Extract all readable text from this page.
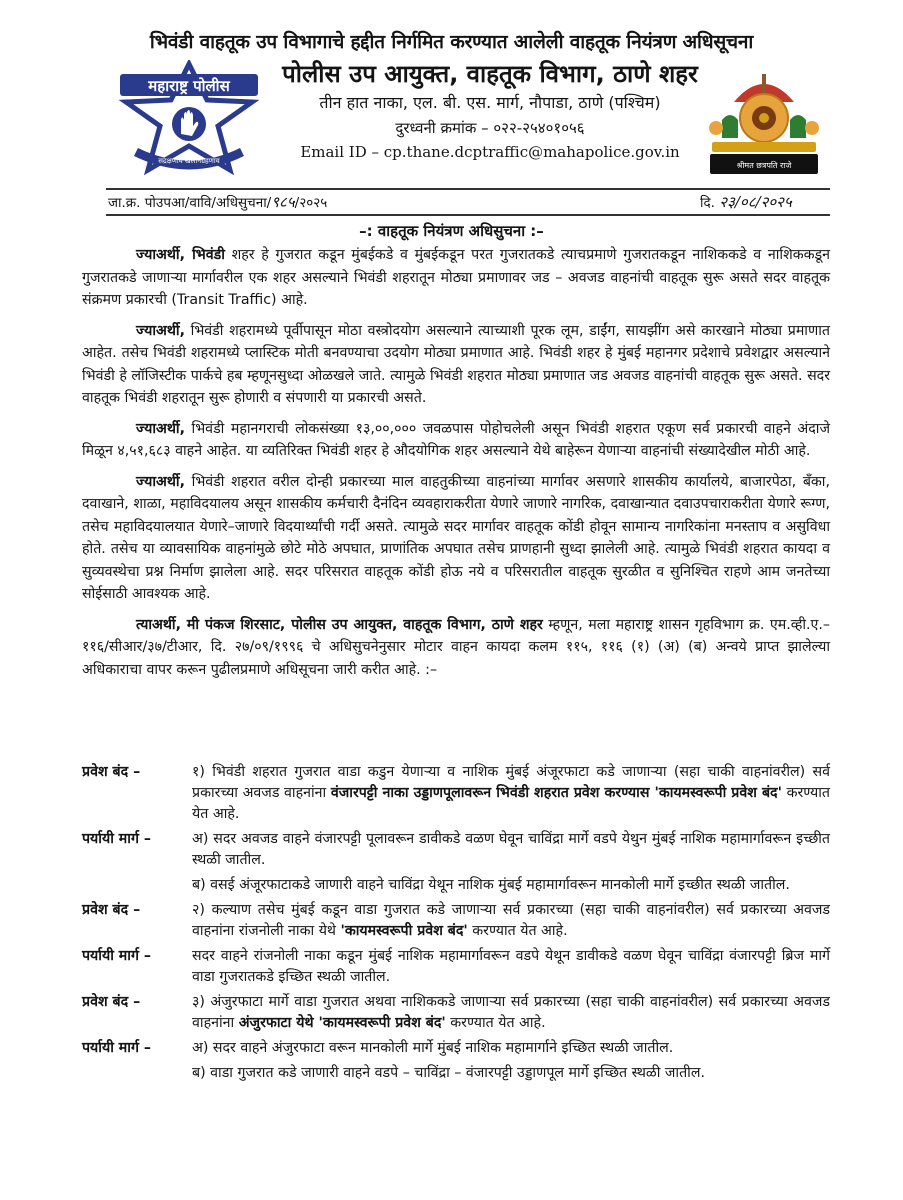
भिवंडी वाहतूक उप विभागाचे हद्दीत निर्गमित करण्यात आलेली वाहतूक नियंत्रण अधिसूचना
महाराष्ट्र पोलीस
सद्रक्षणाय खलनिग्रहणाय
पोलीस उप आयुक्त, वाहतूक विभाग, ठाणे शहर
तीन हात नाका, एल. बी. एस. मार्ग, नौपाडा, ठाणे (पश्चिम)
दुरध्वनी क्रमांक – ०२२-२५४०१०५६
Email ID – cp.thane.dcptraffic@mahapolice.gov.in
श्रीमत छत्रपति राजे
जा.क्र. पोउपआ/वावि/अधिसुचना/९८५/२०२५	दि. २३/०८/२०२५
–: वाहतूक नियंत्रण अधिसुचना :–

ज्याअर्थी, भिवंडी शहर हे गुजरात कडून मुंबईकडे व मुंबईकडून परत गुजरातकडे त्याचप्रमाणे गुजरातकडून नाशिककडे व नाशिककडून गुजरातकडे जाणाऱ्या मार्गावरील एक शहर असल्याने भिवंडी शहरातून मोठ्या प्रमाणावर जड – अवजड वाहनांची वाहतूक सुरू असते सदर वाहतूक संक्रमण प्रकारची (Transit Traffic) आहे.

ज्याअर्थी, भिवंडी शहरामध्ये पूर्वीपासून मोठा वस्त्रोदयोग असल्याने त्याच्याशी पूरक लूम, डाईंग, सायझींग असे कारखाने मोठ्या प्रमाणात आहेत. तसेच भिवंडी शहरामध्ये प्लास्टिक मोती बनवण्याचा उदयोग मोठ्या प्रमाणात आहे. भिवंडी शहर हे मुंबई महानगर प्रदेशाचे प्रवेशद्वार असल्याने भिवंडी हे लॉजिस्टीक पार्कचे हब म्हणूनसुध्दा ओळखले जाते. त्यामुळे भिवंडी शहरात मोठ्या प्रमाणात जड अवजड वाहनांची वाहतूक सुरू असते. सदर वाहतूक भिवंडी शहरातून सुरू होणारी व संपणारी या प्रकारची असते.

ज्याअर्थी, भिवंडी महानगराची लोकसंख्या १३,००,००० जवळपास पोहोचलेली असून भिवंडी शहरात एकूण सर्व प्रकारची वाहने अंदाजे मिळून ४,५१,६८३ वाहने आहेत. या व्यतिरिक्त भिवंडी शहर हे औदयोगिक शहर असल्याने येथे बाहेरून येणाऱ्या वाहनांची संख्यादेखील मोठी आहे.

ज्याअर्थी, भिवंडी शहरात वरील दोन्ही प्रकारच्या माल वाहतुकीच्या वाहनांच्या मार्गावर असणारे शासकीय कार्यालये, बाजारपेठा, बँका, दवाखाने, शाळा, महाविदयालय असून शासकीय कर्मचारी दैनंदिन व्यवहाराकरीता येणारे जाणारे नागरिक, दवाखान्यात दवाउपचाराकरीता येणारे रूग्ण, तसेच महाविदयालयात येणारे–जाणारे विदयार्थ्यांची गर्दी असते. त्यामुळे सदर मार्गावर वाहतूक कोंडी होवून सामान्य नागरिकांना मनस्ताप व असुविधा होते. तसेच या व्यावसायिक वाहनांमुळे छोटे मोठे अपघात, प्राणांतिक अपघात तसेच प्राणहानी सुध्दा झालेली आहे. त्यामुळे भिवंडी शहरात कायदा व सुव्यवस्थेचा प्रश्न निर्माण झालेला आहे. सदर परिसरात वाहतूक कोंडी होऊ नये व परिसरातील वाहतूक सुरळीत व सुनिश्चित राहणे आम जनतेच्या सोईसाठी आवश्यक आहे.

त्याअर्थी, मी पंकज शिरसाट, पोलीस उप आयुक्त, वाहतूक विभाग, ठाणे शहर म्हणून, मला महाराष्ट्र शासन गृहविभाग क्र. एम.व्ही.ए.–११६/सीआर/३७/टीआर, दि. २७/०९/१९९६ चे अधिसुचनेनुसार मोटार वाहन कायदा कलम ११५, ११६ (१) (अ) (ब) अन्वये प्राप्त झालेल्या अधिकाराचा वापर करून पुढीलप्रमाणे अधिसूचना जारी करीत आहे. :–

प्रवेश बंद –	१) भिवंडी शहरात गुजरात वाडा कडुन येणाऱ्या व नाशिक मुंबई अंजूरफाटा कडे जाणाऱ्या (सहा चाकी वाहनांवरील) सर्व प्रकारच्या अवजड वाहनांना वंजारपट्टी नाका उड्डाणपूलावरून भिवंडी शहरात प्रवेश करण्यास 'कायमस्वरूपी प्रवेश बंद' करण्यात येत आहे.
पर्यायी मार्ग –	अ) सदर अवजड वाहने वंजारपट्टी पूलावरून डावीकडे वळण घेवून चाविंद्रा मार्गे वडपे येथुन मुंबई नाशिक महामार्गावरून इच्छीत स्थळी जातील.
ब) वसई अंजूरफाटाकडे जाणारी वाहने चाविंद्रा येथून नाशिक मुंबई महामार्गावरून मानकोली मार्गे इच्छीत स्थळी जातील.
प्रवेश बंद –	२) कल्याण तसेच मुंबई कडून वाडा गुजरात कडे जाणाऱ्या सर्व प्रकारच्या (सहा चाकी वाहनांवरील) सर्व प्रकारच्या अवजड वाहनांना रांजनोली नाका येथे 'कायमस्वरूपी प्रवेश बंद' करण्यात येत आहे.
पर्यायी मार्ग –	सदर वाहने रांजनोली नाका कडून मुंबई नाशिक महामार्गावरून वडपे येथून डावीकडे वळण घेवून चाविंद्रा वंजारपट्टी ब्रिज मार्गे वाडा गुजरातकडे इच्छित स्थळी जातील.
प्रवेश बंद –	३) अंजुरफाटा मार्गे वाडा गुजरात अथवा नाशिककडे जाणाऱ्या सर्व प्रकारच्या (सहा चाकी वाहनांवरील) सर्व प्रकारच्या अवजड वाहनांना अंजुरफाटा येथे 'कायमस्वरूपी प्रवेश बंद' करण्यात येत आहे.
पर्यायी मार्ग –	अ) सदर वाहने अंजुरफाटा वरून मानकोली मार्गे मुंबई नाशिक महामार्गाने इच्छित स्थळी जातील.
ब) वाडा गुजरात कडे जाणारी वाहने वडपे – चाविंद्रा – वंजारपट्टी उड्डाणपूल मार्गे इच्छित स्थळी जातील.
